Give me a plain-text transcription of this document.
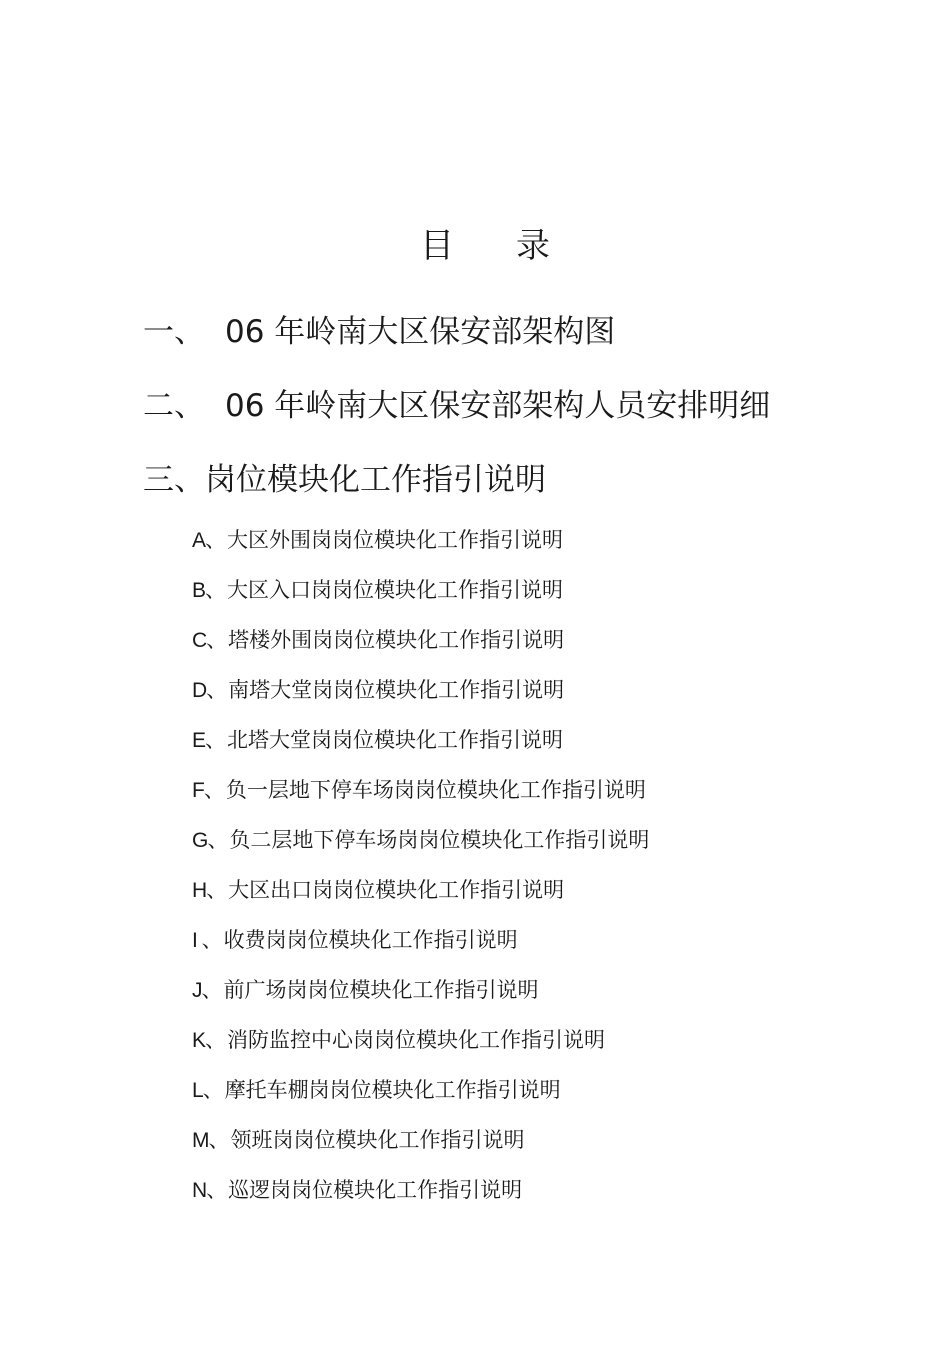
目 录
一、 06 年岭南大区保安部架构图
二、 06 年岭南大区保安部架构人员安排明细
三、岗位模块化工作指引说明
A、大区外围岗岗位模块化工作指引说明
B、大区入口岗岗位模块化工作指引说明
C、塔楼外围岗岗位模块化工作指引说明
D、南塔大堂岗岗位模块化工作指引说明
E、北塔大堂岗岗位模块化工作指引说明
F、负一层地下停车场岗岗位模块化工作指引说明
G、负二层地下停车场岗岗位模块化工作指引说明
H、大区出口岗岗位模块化工作指引说明
I 、收费岗岗位模块化工作指引说明
J、前广场岗岗位模块化工作指引说明
K、消防监控中心岗岗位模块化工作指引说明
L、摩托车棚岗岗位模块化工作指引说明
M、领班岗岗位模块化工作指引说明
N、巡逻岗岗位模块化工作指引说明
